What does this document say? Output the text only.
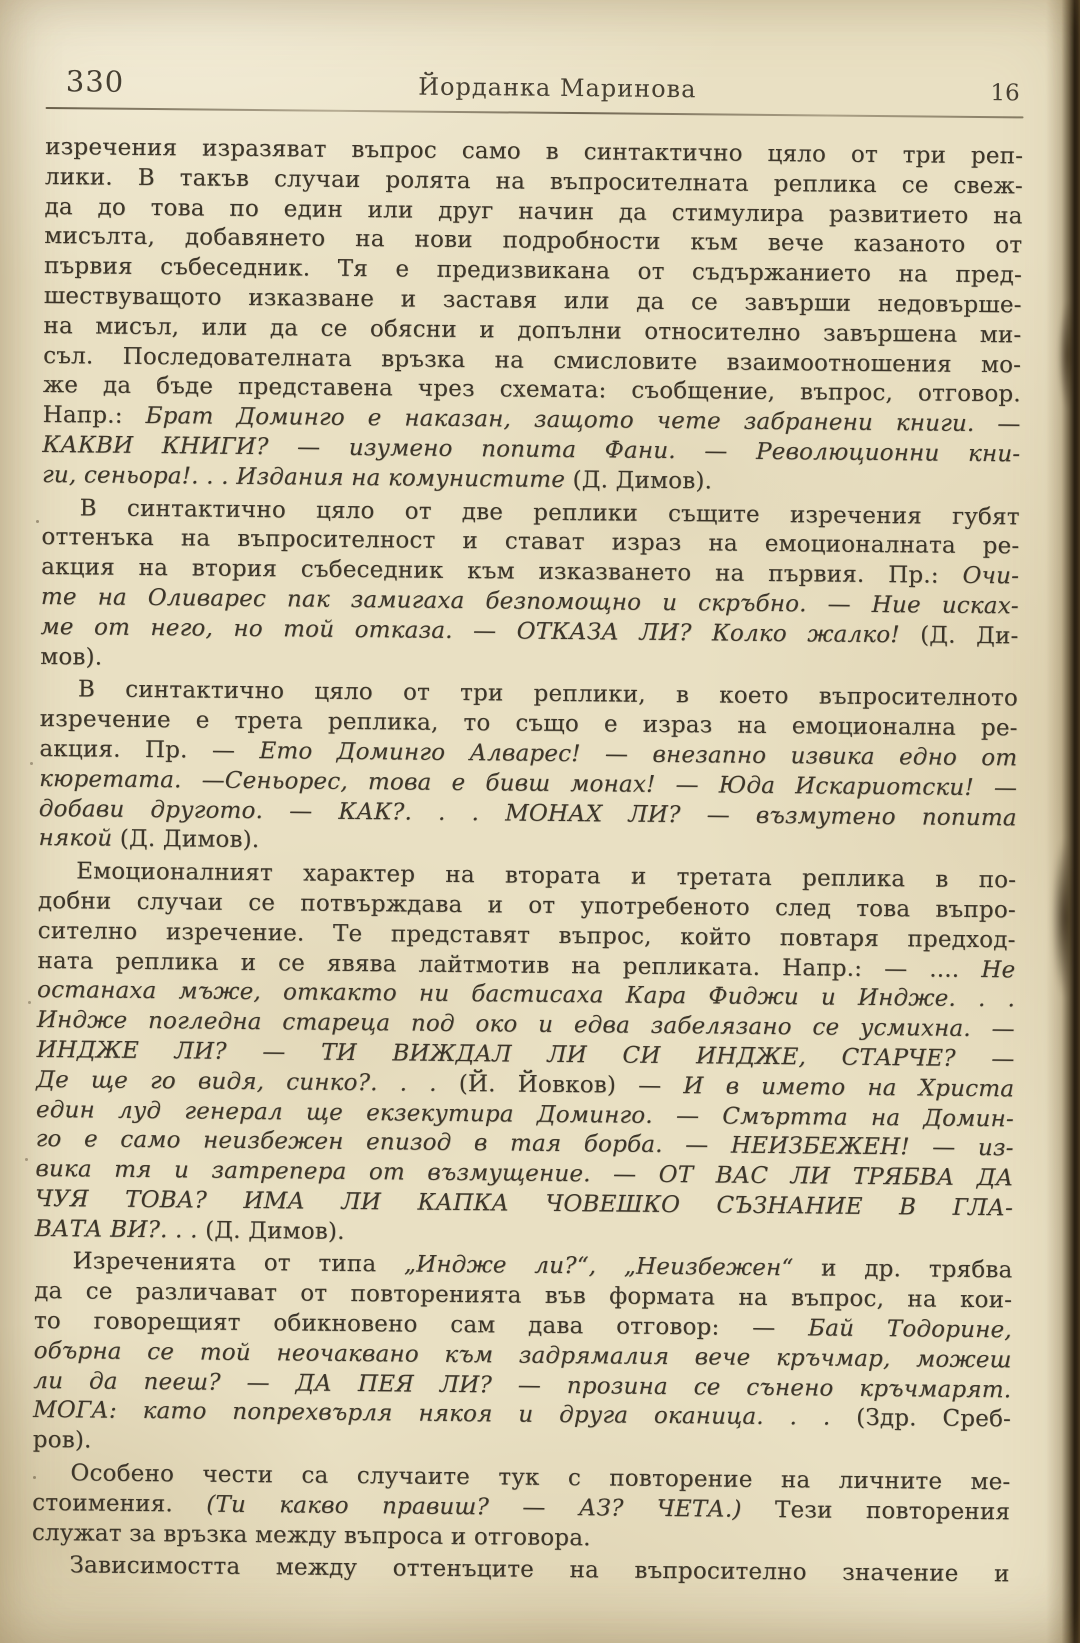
330	Йорданка Маринова	16
изречения изразяват въпрос само в синтактично цяло от три реп-
лики. В такъв случаи ролята на въпросителната реплика се свеж-
да до това по един или друг начин да стимулира развитието на
мисълта, добавянето на нови подробности към вече казаното от
първия събеседник. Тя е предизвикана от съдържанието на пред-
шествуващото изказване и заставя или да се завърши недовърше-
на мисъл, или да се обясни и допълни относително завършена ми-
съл. Последователната връзка на смисловите взаимоотношения мо-
же да бъде представена чрез схемата: съобщение, въпрос, отговор.
Напр.: Брат Доминго е наказан, защото чете забранени книги. —
КАКВИ КНИГИ? — изумено попита Фани. — Революционни кни-
ги, сеньора!. . . Издания на комунистите (Д. Димов).
В синтактично цяло от две реплики същите изречения губят
оттенъка на въпросителност и стават израз на емоционалната ре-
акция на втория събеседник към изказването на първия. Пр.: Очи-
те на Оливарес пак замигаха безпомощно и скръбно. — Ние исках-
ме от него, но той отказа. — ОТКАЗА ЛИ? Колко жалко! (Д. Ди-
мов).
В синтактично цяло от три реплики, в което въпросителното
изречение е трета реплика, то също е израз на емоционална ре-
акция. Пр. — Ето Доминго Алварес! — внезапно извика едно от
кюретата. —Сеньорес, това е бивш монах! — Юда Искариотски! —
добави другото. — КАК?. . . МОНАХ ЛИ? — възмутено попита
някой (Д. Димов).
Емоционалният характер на втората и третата реплика в по-
добни случаи се потвърждава и от употребеното след това въпро-
сително изречение. Те представят въпрос, който повтаря предход-
ната реплика и се явява лайтмотив на репликата. Напр.: — .... Не
останаха мъже, откакто ни бастисаха Кара Фиджи и Индже. . .
Индже погледна стареца под око и едва забелязано се усмихна. —
ИНДЖЕ ЛИ? — ТИ ВИЖДАЛ ЛИ СИ ИНДЖЕ, СТАРЧЕ? —
Де ще го видя, синко?. . . (Й. Йовков) — И в името на Христа
един луд генерал ще екзекутира Доминго. — Смъртта на Домин-
го е само неизбежен епизод в тая борба. — НЕИЗБЕЖЕН! — из-
вика тя и затрепера от възмущение. — ОТ ВАС ЛИ ТРЯБВА ДА
ЧУЯ ТОВА? ИМА ЛИ КАПКА ЧОВЕШКО СЪЗНАНИЕ В ГЛА-
ВАТА ВИ?. . . (Д. Димов).
Изреченията от типа „Индже ли?“, „Неизбежен“ и др. трябва
да се различават от повторенията във формата на въпрос, на кои-
то говорещият обикновено сам дава отговор: — Бай Тодорине,
обърна се той неочаквано към задрямалия вече кръчмар, можеш
ли да пееш? — ДА ПЕЯ ЛИ? — прозина се сънено кръчмарят.
МОГА: като попрехвърля някоя и друга оканица. . . (Здр. Среб-
ров).
Особено чести са случаите тук с повторение на личните ме-
стоимения. (Ти какво правиш? — АЗ? ЧЕТА.) Тези повторения
служат за връзка между въпроса и отговора.
Зависимостта между оттенъците на въпросително значение и
